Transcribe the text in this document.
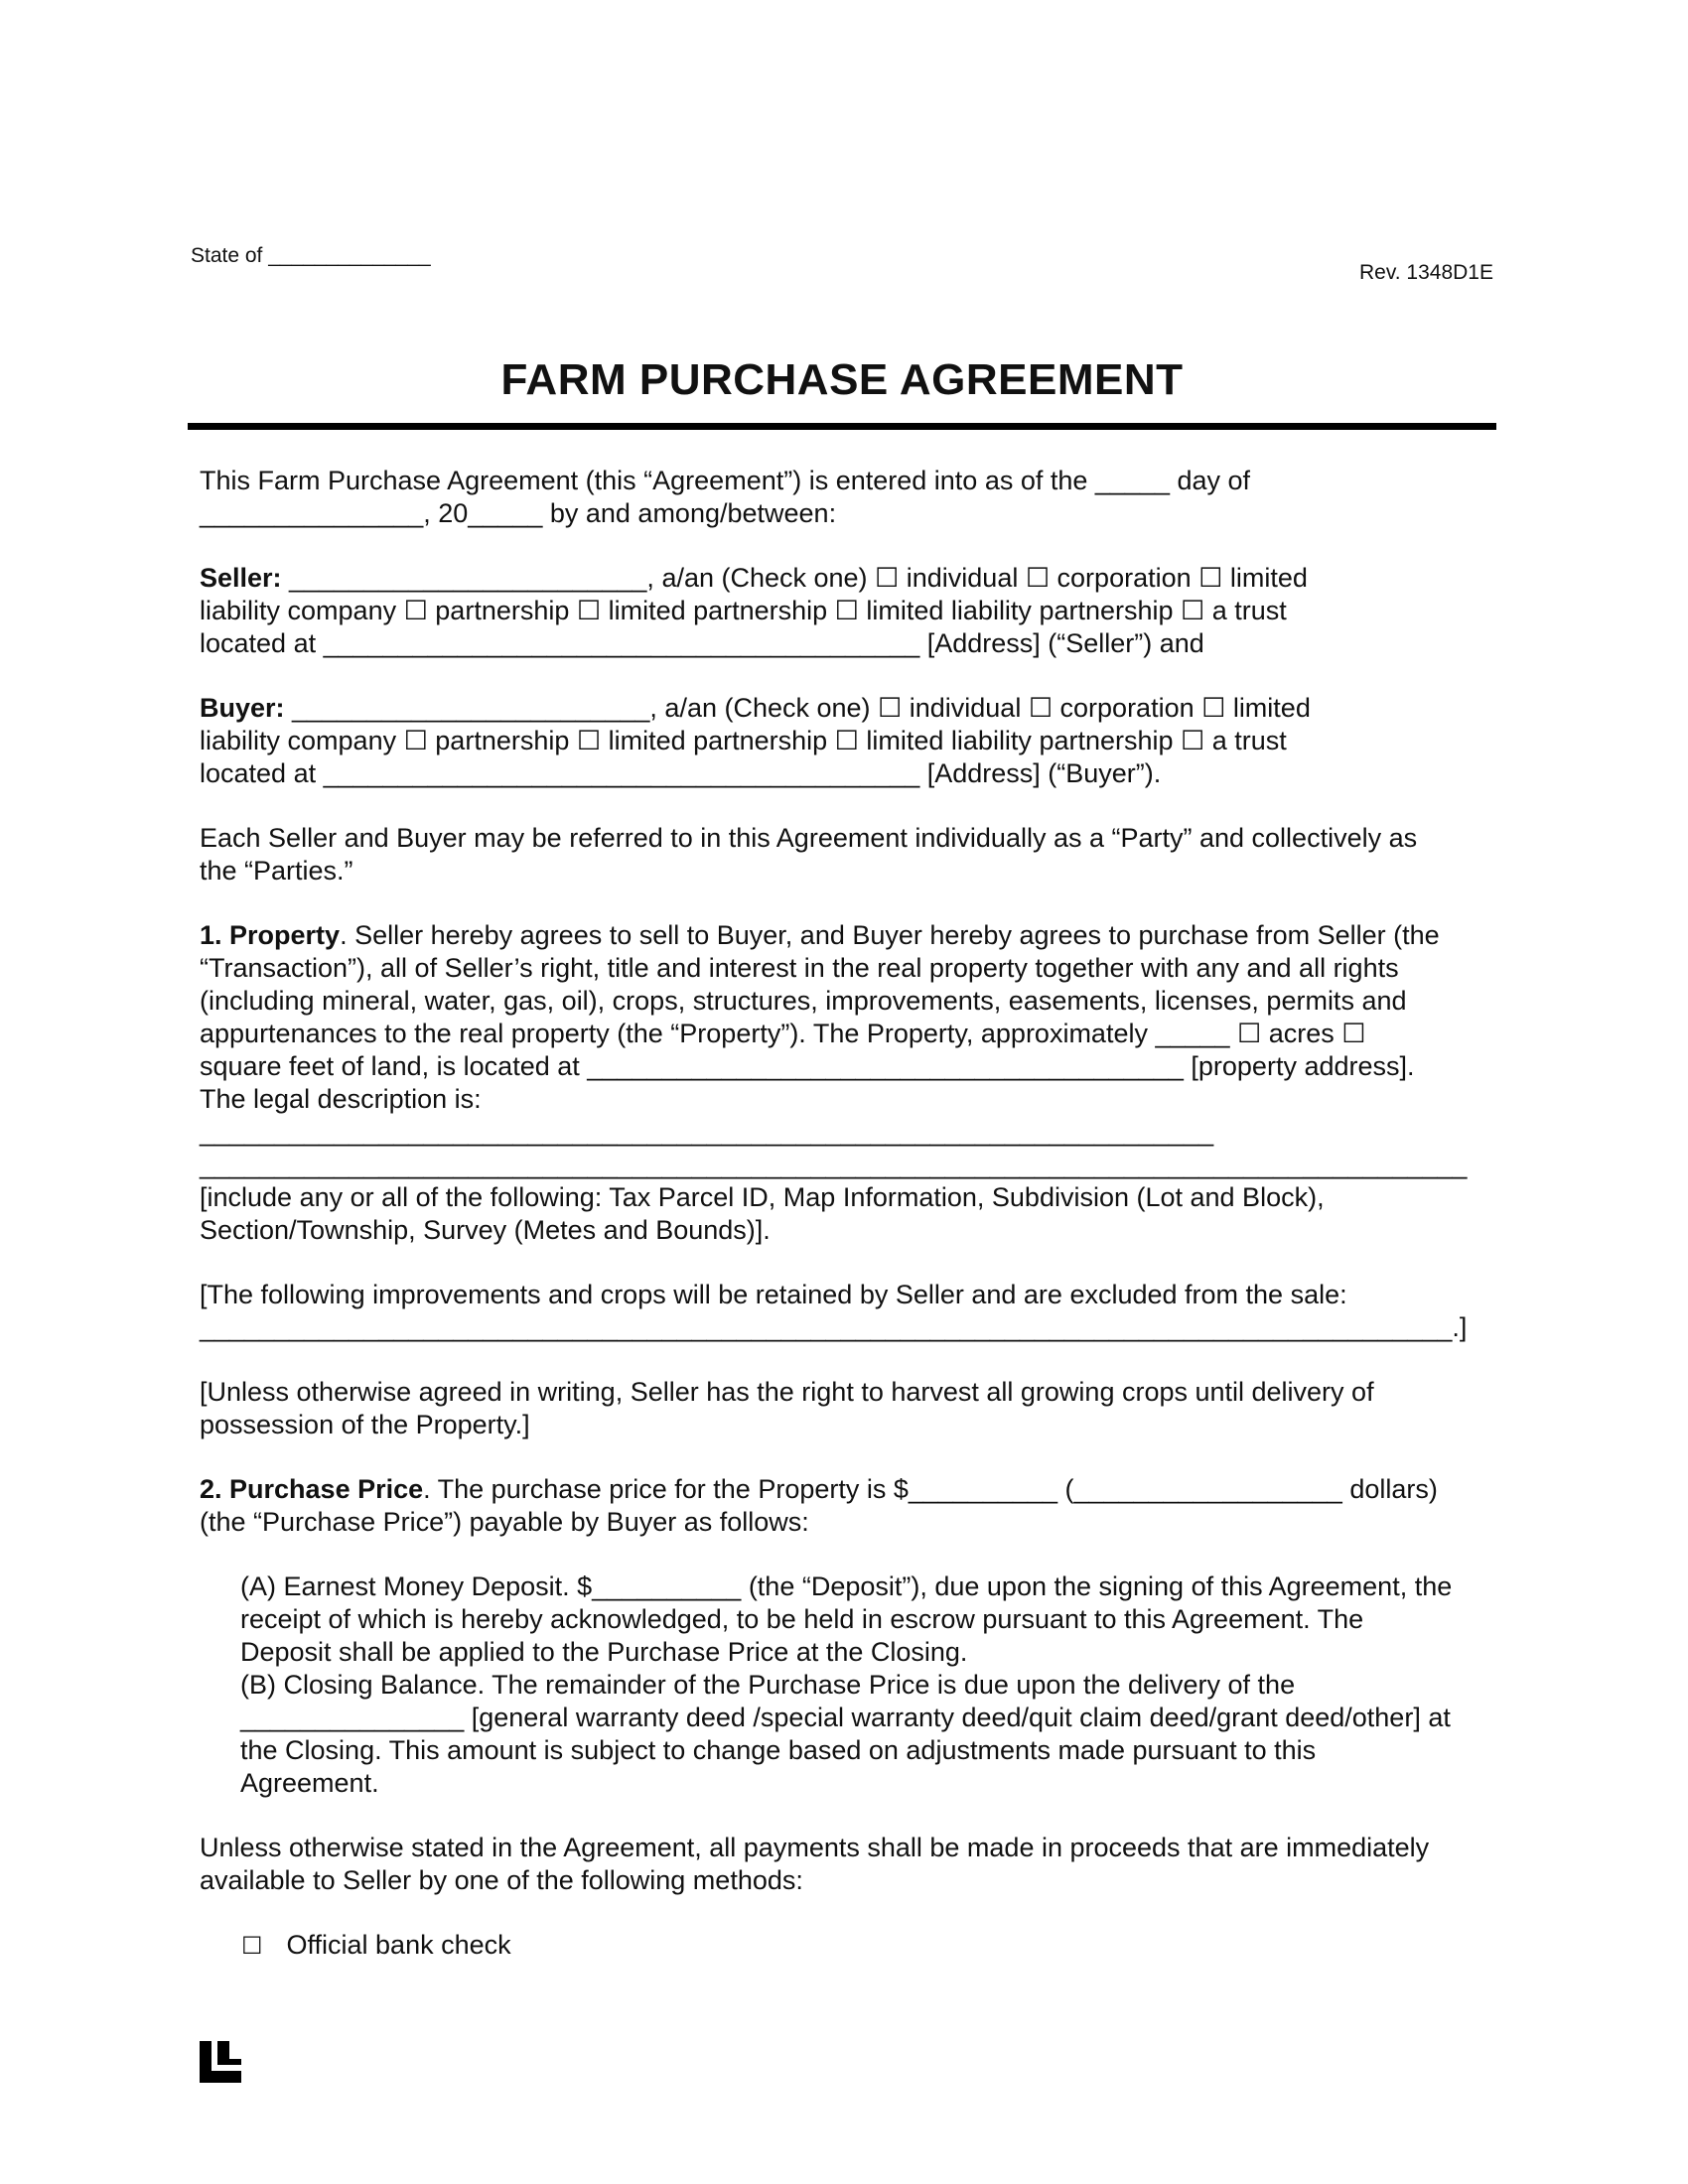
State of ______________
Rev. 1348D1E
FARM PURCHASE AGREEMENT

This Farm Purchase Agreement (this “Agreement”) is entered into as of the _____ day of

_______________, 20_____ by and among/between:

Seller: ________________________, a/an (Check one) ☐ individual ☐ corporation ☐ limited

liability company ☐ partnership ☐ limited partnership ☐ limited liability partnership ☐ a trust

located at ________________________________________ [Address] (“Seller”) and

Buyer: ________________________, a/an (Check one) ☐ individual ☐ corporation ☐ limited

liability company ☐ partnership ☐ limited partnership ☐ limited liability partnership ☐ a trust

located at ________________________________________ [Address] (“Buyer”).

Each Seller and Buyer may be referred to in this Agreement individually as a “Party” and collectively as

the “Parties.”

1. Property. Seller hereby agrees to sell to Buyer, and Buyer hereby agrees to purchase from Seller (the

“Transaction”), all of Seller’s right, title and interest in the real property together with any and all rights

(including mineral, water, gas, oil), crops, structures, improvements, easements, licenses, permits and

appurtenances to the real property (the “Property”). The Property, approximately _____ ☐ acres ☐

square feet of land, is located at ________________________________________ [property address].

The legal description is: ____________________________________________________________________

_____________________________________________________________________________________

[include any or all of the following: Tax Parcel ID, Map Information, Subdivision (Lot and Block),

Section/Township, Survey (Metes and Bounds)].

[The following improvements and crops will be retained by Seller and are excluded from the sale:

____________________________________________________________________________________.]

[Unless otherwise agreed in writing, Seller has the right to harvest all growing crops until delivery of

possession of the Property.]

2. Purchase Price. The purchase price for the Property is $__________ (__________________ dollars)

(the “Purchase Price”) payable by Buyer as follows:

(A) Earnest Money Deposit. $__________ (the “Deposit”), due upon the signing of this Agreement, the

receipt of which is hereby acknowledged, to be held in escrow pursuant to this Agreement. The

Deposit shall be applied to the Purchase Price at the Closing.

(B) Closing Balance. The remainder of the Purchase Price is due upon the delivery of the

_______________ [general warranty deed /special warranty deed/quit claim deed/grant deed/other] at

the Closing. This amount is subject to change based on adjustments made pursuant to this

Agreement.

Unless otherwise stated in the Agreement, all payments shall be made in proceeds that are immediately

available to Seller by one of the following methods:

☐ Official bank check
